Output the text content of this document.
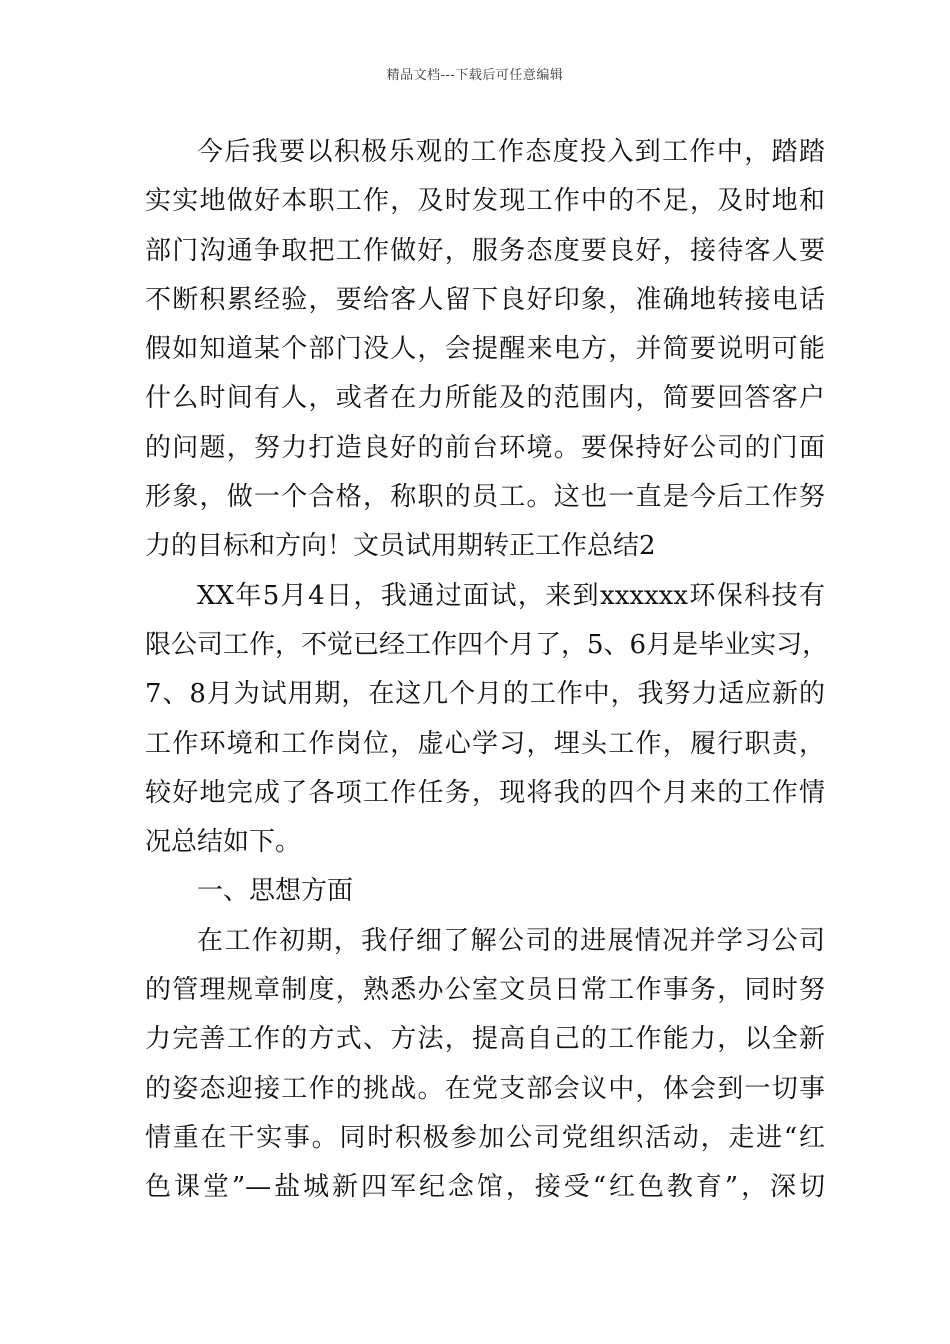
精品文档---下载后可任意编辑
今后我要以积极乐观的工作态度投入到工作中，踏踏
实实地做好本职工作，及时发现工作中的不足，及时地和
部门沟通争取把工作做好，服务态度要良好，接待客人要
不断积累经验，要给客人留下良好印象，准确地转接电话
假如知道某个部门没人，会提醒来电方，并简要说明可能
什么时间有人，或者在力所能及的范围内，简要回答客户
的问题，努力打造良好的前台环境。要保持好公司的门面
形象，做一个合格，称职的员工。这也一直是今后工作努
力的目标和方向！文员试用期转正工作总结2
XX年5月4日，我通过面试，来到xxxxxx环保科技有
限公司工作，不觉已经工作四个月了，5、6月是毕业实习，
7、8月为试用期，在这几个月的工作中，我努力适应新的
工作环境和工作岗位，虚心学习，埋头工作，履行职责，
较好地完成了各项工作任务，现将我的四个月来的工作情
况总结如下。
一、思想方面
在工作初期，我仔细了解公司的进展情况并学习公司
的管理规章制度，熟悉办公室文员日常工作事务，同时努
力完善工作的方式、方法，提高自己的工作能力，以全新
的姿态迎接工作的挑战。在党支部会议中，体会到一切事
情重在干实事。同时积极参加公司党组织活动，走进“红
色课堂”—盐城新四军纪念馆，接受“红色教育”，深切
